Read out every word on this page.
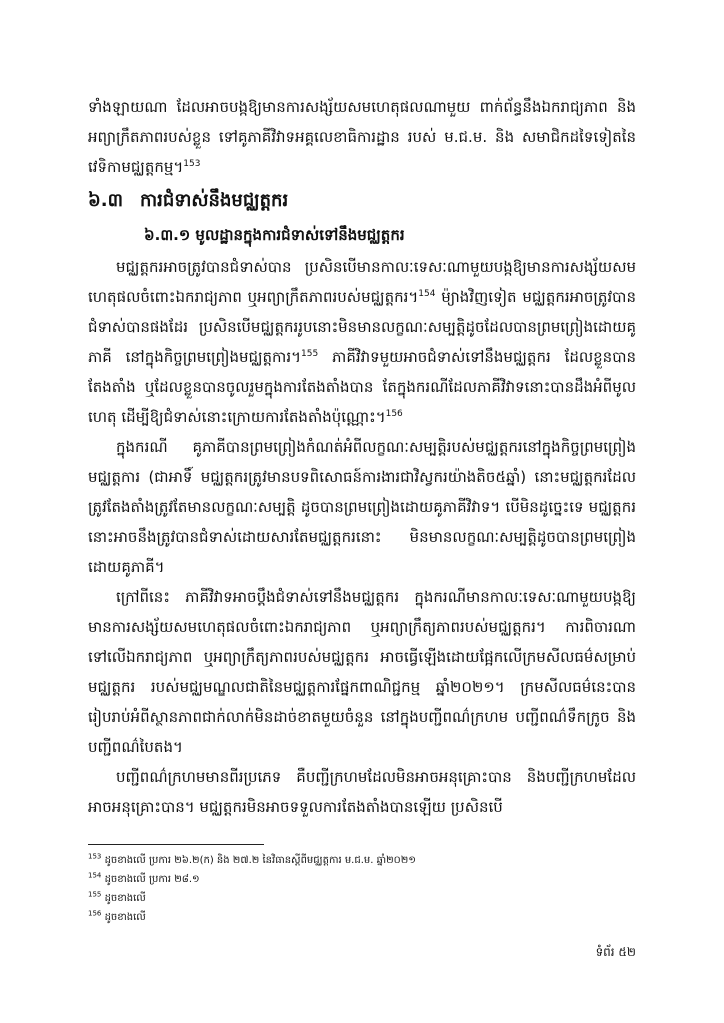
ទាំងឡាយណា ដែលអាចបង្កឱ្យមានការសង្ស័យសមហេតុផលណាមួយ ពាក់ព័ន្ធនឹងឯករាជ្យភាព និង អព្យាក្រឹតភាពរបស់ខ្លួន ទៅគូភាគីវិវាទអគ្គលេខាធិការដ្ឋាន របស់ ម.ជ.ម. និង សមាជិកដទៃទៀតនៃវេទិកាមជ្ឈត្តកម្ម។$^{153}$

៦.៣ ការជំទាស់នឹងមជ្ឈត្តករ
៦.៣.១ មូលដ្ឋានក្នុងការជំទាស់ទៅនឹងមជ្ឈត្តករ

មជ្ឈត្តករអាចត្រូវបានជំទាស់បាន ប្រសិនបើមានកាលៈទេសៈណាមួយបង្កឱ្យមានការសង្ស័យសមហេតុផលចំពោះឯករាជ្យភាព ឬអព្យាក្រឹតភាពរបស់មជ្ឈត្តករ។$^{154}$ ម៉្យាងវិញទៀត មជ្ឈត្តករអាចត្រូវបានជំទាស់បានផងដែរ ប្រសិនបើមជ្ឈត្តកររូបនោះមិនមានលក្ខណៈសម្បត្តិដូចដែលបានព្រមព្រៀងដោយគូភាគី នៅក្នុងកិច្ចព្រមព្រៀងមជ្ឈត្តការ។$^{155}$ ភាគីវិវាទមួយអាចជំទាស់ទៅនឹងមជ្ឈត្តករ ដែលខ្លួនបានតែងតាំង ឬដែលខ្លួនបានចូលរួមក្នុងការតែងតាំងបាន តែក្នុងករណីដែលភាគីវិវាទនោះបានដឹងអំពីមូលហេតុ ដើម្បីឱ្យជំទាស់នោះក្រោយការតែងតាំងប៉ុណ្ណោះ។$^{156}$

ក្នុងករណី គូភាគីបានព្រមព្រៀងកំណត់អំពីលក្ខណៈសម្បត្តិរបស់មជ្ឈត្តករនៅក្នុងកិច្ចព្រមព្រៀងមជ្ឈត្តការ (ជាអាទិ៍ មជ្ឈត្តករត្រូវមានបទពិសោធន៍ការងារជាវិស្វករយ៉ាងតិច៥ឆ្នាំ) នោះមជ្ឈត្តករដែលត្រូវតែងតាំងត្រូវតែមានលក្ខណៈសម្បត្តិ ដូចបានព្រមព្រៀងដោយគូភាគីវិវាទ។ បើមិនដូច្នេះទេ មជ្ឈត្តករនោះអាចនឹងត្រូវបានជំទាស់ដោយសារតែមជ្ឈត្តករនោះ មិនមានលក្ខណៈសម្បត្តិដូចបានព្រមព្រៀងដោយគូភាគី។

ក្រៅពីនេះ ភាគីវិវាទអាចប្ដឹងជំទាស់ទៅនឹងមជ្ឈត្តករ ក្នុងករណីមានកាលៈទេសៈណាមួយបង្កឱ្យមានការសង្ស័យសមហេតុផលចំពោះឯករាជ្យភាព ឬអព្យាក្រឹត្យភាពរបស់មជ្ឈត្តករ។ ការពិចារណាទៅលើឯករាជ្យភាព ឬអព្យាក្រឹត្យភាពរបស់មជ្ឈត្តករ អាចធ្វើឡើងដោយផ្អែកលើក្រមសីលធម៌សម្រាប់មជ្ឈត្តករ របស់មជ្ឈមណ្ឌលជាតិនៃមជ្ឈត្តការផ្នែកពាណិជ្ជកម្ម ឆ្នាំ២០២១។ ក្រមសីលធម៌នេះបានរៀបរាប់អំពីស្ថានភាពជាក់លាក់មិនដាច់ខាតមួយចំនួន នៅក្នុងបញ្ជីពណ៌ក្រហម បញ្ជីពណ៌ទឹកក្រូច និងបញ្ជីពណ៌បៃតង។

បញ្ជីពណ៌ក្រហមមានពីរប្រភេទ គឺបញ្ជីក្រហមដែលមិនអាចអនុគ្រោះបាន និងបញ្ជីក្រហមដែលអាចអនុគ្រោះបាន។ មជ្ឈត្តករមិនអាចទទួលការតែងតាំងបានឡើយ ប្រសិនបើ

$^{153}$ ដូចខាងលើ ប្រការ ២៦.២(ក) និង ២៧.២ នៃវិធានស្ដីពីមជ្ឈត្តការ ម.ជ.ម. ឆ្នាំ២០២១

$^{154}$ ដូចខាងលើ ប្រការ ២៨.១

$^{155}$ ដូចខាងលើ

$^{156}$ ដូចខាងលើ

ទំព័រ ៥២
